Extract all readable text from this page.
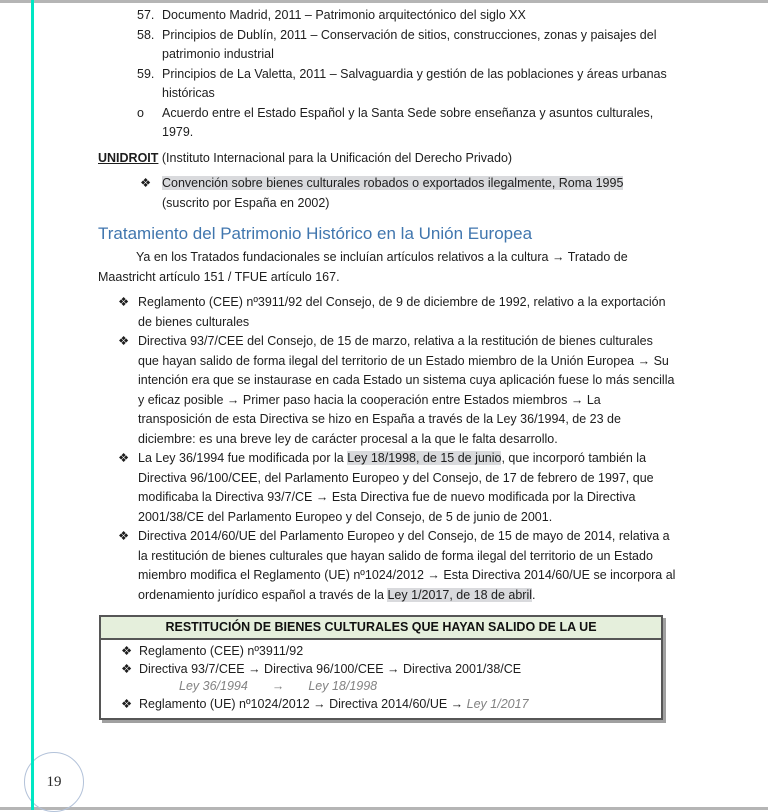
57. Documento Madrid, 2011 – Patrimonio arquitectónico del siglo XX
58. Principios de Dublín, 2011 – Conservación de sitios, construcciones, zonas y paisajes del patrimonio industrial
59. Principios de La Valetta, 2011 – Salvaguardia y gestión de las poblaciones y áreas urbanas históricas
o	Acuerdo entre el Estado Español y la Santa Sede sobre enseñanza y asuntos culturales, 1979.
UNIDROIT (Instituto Internacional para la Unificación del Derecho Privado)
❖ Convención sobre bienes culturales robados o exportados ilegalmente, Roma 1995
(suscrito por España en 2002)
Tratamiento del Patrimonio Histórico en la Unión Europea
Ya en los Tratados fundacionales se incluían artículos relativos a la cultura → Tratado de Maastricht artículo 151 / TFUE artículo 167.
❖ Reglamento (CEE) nº3911/92 del Consejo, de 9 de diciembre de 1992, relativo a la exportación de bienes culturales
❖ Directiva 93/7/CEE del Consejo, de 15 de marzo, relativa a la restitución de bienes culturales que hayan salido de forma ilegal del territorio de un Estado miembro de la Unión Europea → Su intención era que se instaurase en cada Estado un sistema cuya aplicación fuese lo más sencilla y eficaz posible → Primer paso hacia la cooperación entre Estados miembros → La transposición de esta Directiva se hizo en España a través de la Ley 36/1994, de 23 de diciembre: es una breve ley de carácter procesal a la que le falta desarrollo.
❖ La Ley 36/1994 fue modificada por la Ley 18/1998, de 15 de junio, que incorporó también la Directiva 96/100/CEE, del Parlamento Europeo y del Consejo, de 17 de febrero de 1997, que modificaba la Directiva 93/7/CE → Esta Directiva fue de nuevo modificada por la Directiva 2001/38/CE del Parlamento Europeo y del Consejo, de 5 de junio de 2001.
❖ Directiva 2014/60/UE del Parlamento Europeo y del Consejo, de 15 de mayo de 2014, relativa a la restitución de bienes culturales que hayan salido de forma ilegal del territorio de un Estado miembro modifica el Reglamento (UE) nº1024/2012 → Esta Directiva 2014/60/UE se incorpora al ordenamiento jurídico español a través de la Ley 1/2017, de 18 de abril.
RESTITUCIÓN DE BIENES CULTURALES QUE HAYAN SALIDO DE LA UE
❖ Reglamento (CEE) nº3911/92
❖ Directiva 93/7/CEE → Directiva 96/100/CEE → Directiva 2001/38/CE
Ley 36/1994 → Ley 18/1998
❖ Reglamento (UE) nº1024/2012 → Directiva 2014/60/UE → Ley 1/2017
19
